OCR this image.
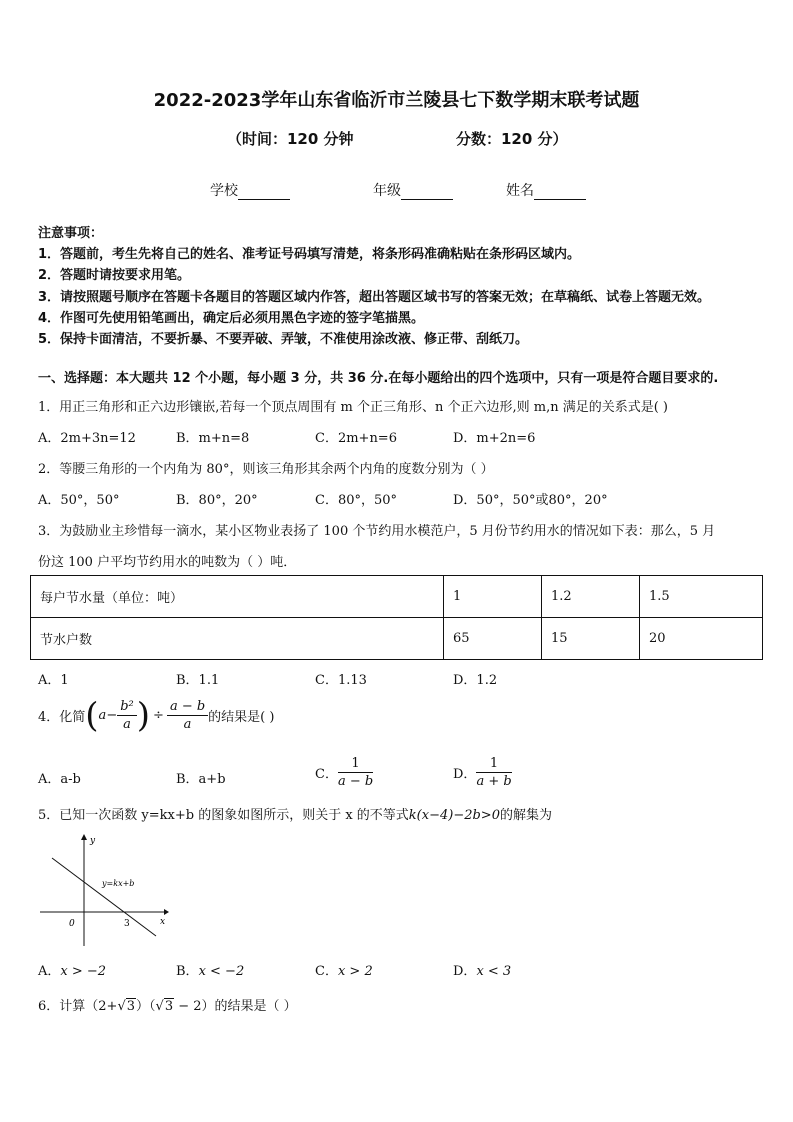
2022-2023学年山东省临沂市兰陵县七下数学期末联考试题
（时间：120 分钟	分数：120 分）
学校	年级	姓名
注意事项：
1．答题前，考生先将自己的姓名、准考证号码填写清楚，将条形码准确粘贴在条形码区域内。
2．答题时请按要求用笔。
3．请按照题号顺序在答题卡各题目的答题区域内作答，超出答题区域书写的答案无效；在草稿纸、试卷上答题无效。
4．作图可先使用铅笔画出，确定后必须用黑色字迹的签字笔描黑。
5．保持卡面清洁，不要折暴、不要弄破、弄皱，不准使用涂改液、修正带、刮纸刀。
一、选择题：本大题共 12 个小题，每小题 3 分，共 36 分.在每小题给出的四个选项中，只有一项是符合题目要求的.
1．用正三角形和正六边形镶嵌,若每一个顶点周围有 m 个正三角形、n 个正六边形,则 m,n 满足的关系式是( )
A．2m+3n=12	B．m+n=8	C．2m+n=6	D．m+2n=6
2．等腰三角形的一个内角为 80°，则该三角形其余两个内角的度数分别为（ ）
A．50°，50°	B．80°，20°	C．80°，50°	D．50°，50°或80°，20°
3．为鼓励业主珍惜每一滴水，某小区物业表扬了 100 个节约用水模范户，5 月份节约用水的情况如下表：那么，5 月
份这 100 户平均节约用水的吨数为（ ）吨．
每户节水量（单位：吨）	1	1.2	1.5
节水户数	65	15	20
A．1	B．1.1	C．1.13	D．1.2
4．化简($a- \frac{\text{b²}}{a}$ ) ÷ $\frac{a - b}{a}$ 的结果是( )
A．a-b	B．a+b	C． $\frac{1}{a - b}$	D． $\frac{1}{a + b}$
5．已知一次函数 y=kx+b 的图象如图所示，则关于 x 的不等式k(x−4)−2b>0的解集为
y
x
0	3
y=kx+b
A．x > −2	B．x < −2	C．x > 2	D．x < 3
6．计算（2+√3）（√3 − 2）的结果是（ ）
